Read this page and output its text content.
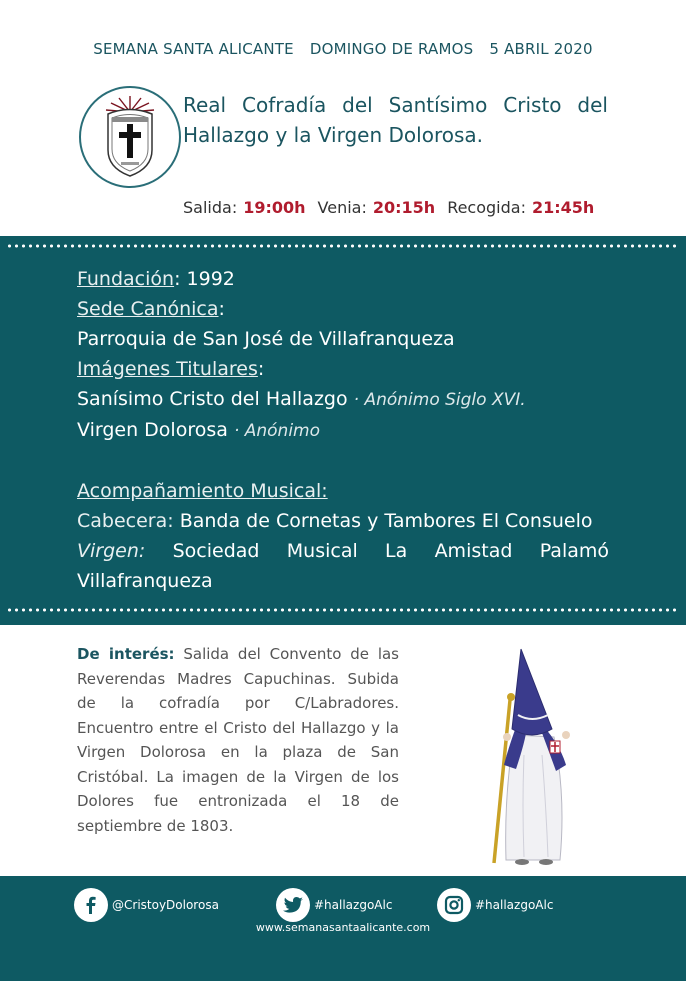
SEMANA SANTA ALICANTE DOMINGO DE RAMOS 5 ABRIL 2020
Real Cofradía del Santísimo Cristo del Hallazgo y la Virgen Dolorosa.
Salida: 19:00h Venia: 20:15h Recogida: 21:45h
Fundación: 1992
Sede Canónica:
Parroquia de San José de Villafranqueza
Imágenes Titulares:
Sanísimo Cristo del Hallazgo · Anónimo Siglo XVI.
Virgen Dolorosa · Anónimo
Acompañamiento Musical:
Cabecera: Banda de Cornetas y Tambores El Consuelo
Virgen: Sociedad Musical La Amistad Palamó Villafranqueza
De interés: Salida del Convento de las Reverendas Madres Capuchinas. Subida de la cofradía por C/Labradores. Encuentro entre el Cristo del Hallazgo y la Virgen Dolorosa en la plaza de San Cristóbal. La imagen de la Virgen de los Dolores fue entronizada el 18 de septiembre de 1803.
@CristoyDolorosa	#hallazgoAlc	#hallazgoAlc
www.semanasantaalicante.com
